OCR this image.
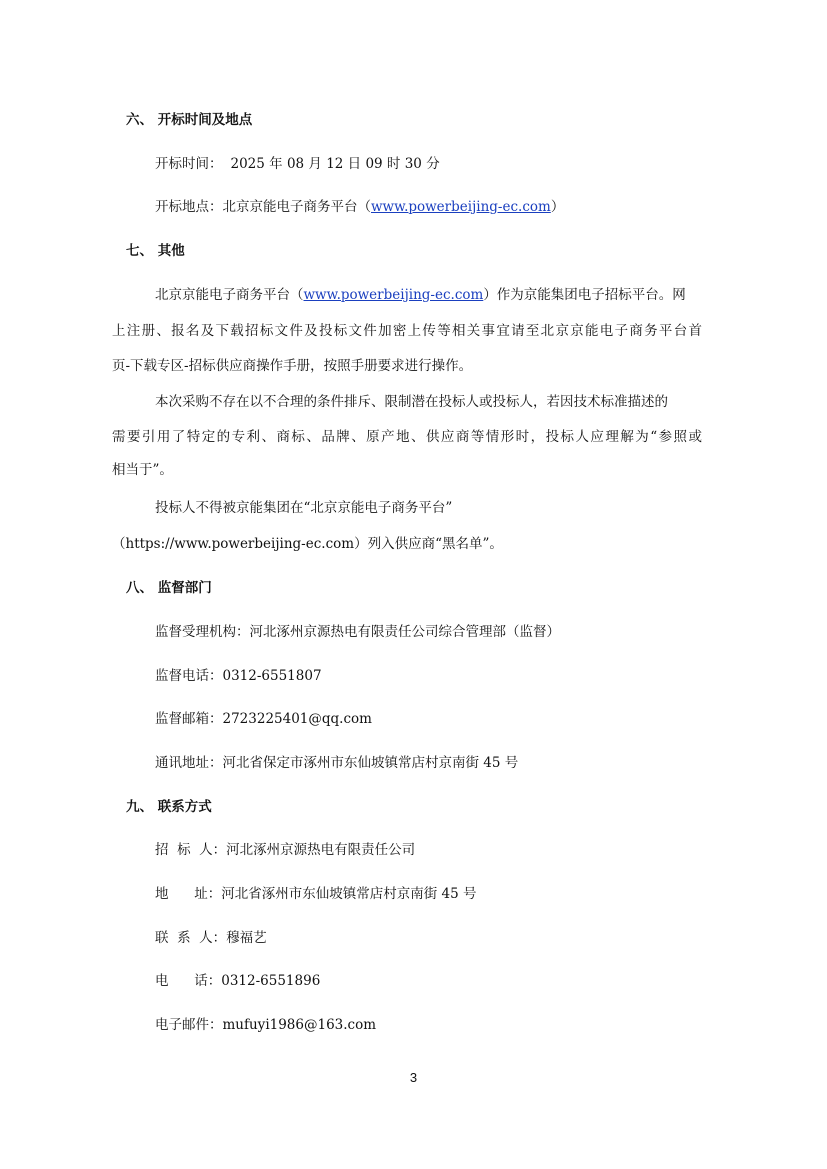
六、 开标时间及地点
开标时间： 2025 年 08 月 12 日 09 时 30 分
开标地点：北京京能电子商务平台（www.powerbeijing-ec.com）
七、 其他
北京京能电子商务平台（www.powerbeijing-ec.com）作为京能集团电子招标平台。网
上注册、报名及下载招标文件及投标文件加密上传等相关事宜请至北京京能电子商务平台首
页-下载专区-招标供应商操作手册，按照手册要求进行操作。
本次采购不存在以不合理的条件排斥、限制潜在投标人或投标人，若因技术标准描述的
需要引用了特定的专利、商标、品牌、原产地、供应商等情形时，投标人应理解为“参照或
相当于”。
投标人不得被京能集团在“北京京能电子商务平台”
（https://www.powerbeijing-ec.com）列入供应商“黑名单”。
八、 监督部门
监督受理机构：河北涿州京源热电有限责任公司综合管理部（监督）
监督电话：0312-6551807
监督邮箱：2723225401@qq.com
通讯地址：河北省保定市涿州市东仙坡镇常店村京南街 45 号
九、 联系方式
招  标  人：河北涿州京源热电有限责任公司
地      址：河北省涿州市东仙坡镇常店村京南街 45 号
联  系  人：穆福艺
电      话：0312-6551896
电子邮件：mufuyi1986@163.com
3
